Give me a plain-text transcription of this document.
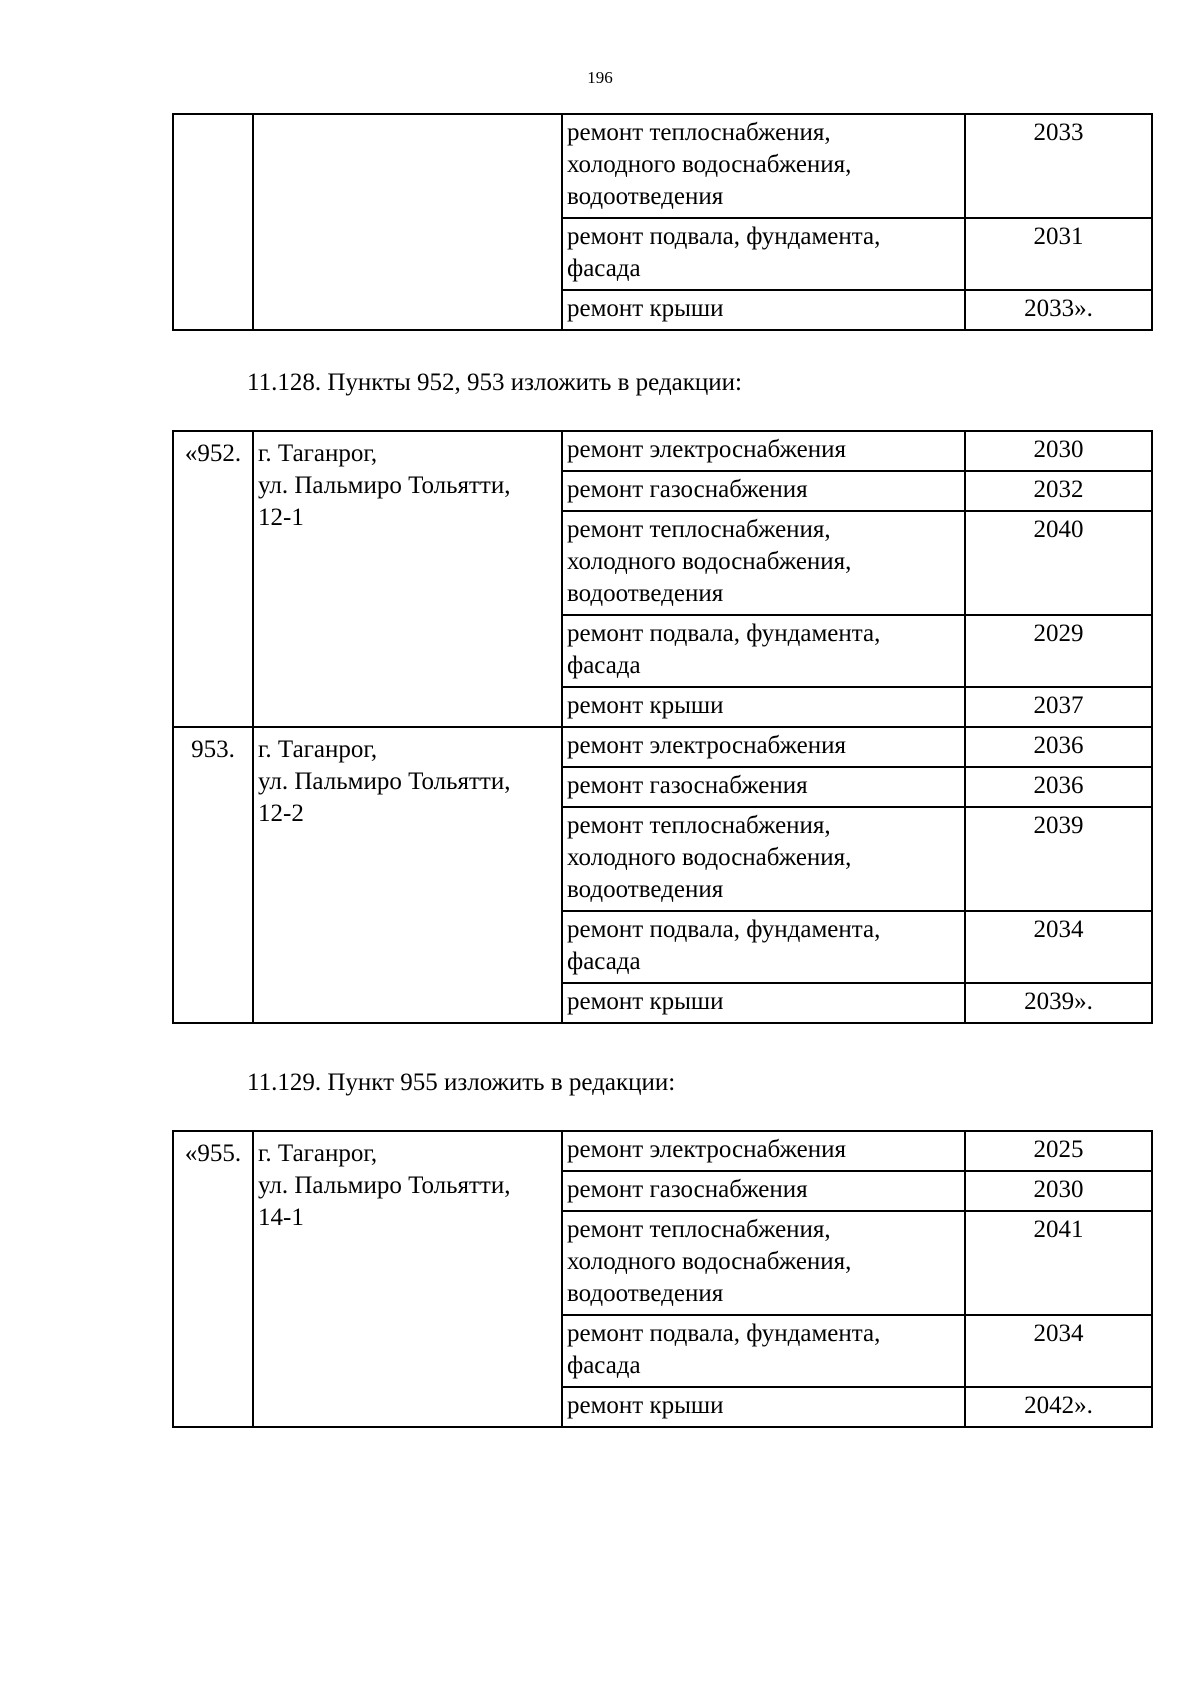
196
		ремонт теплоснабжения,
холодного водоснабжения,
водоотведения	2033
		ремонт подвала, фундамента,
фасада	2031
		ремонт крыши	2033».
11.128. Пункты 952, 953 изложить в редакции:
«952.	г. Таганрог,
ул. Пальмиро Тольятти,
12-1	ремонт электроснабжения	2030
		ремонт газоснабжения	2032
		ремонт теплоснабжения,
холодного водоснабжения,
водоотведения	2040
		ремонт подвала, фундамента,
фасада	2029
		ремонт крыши	2037
953.	г. Таганрог,
ул. Пальмиро Тольятти,
12-2	ремонт электроснабжения	2036
		ремонт газоснабжения	2036
		ремонт теплоснабжения,
холодного водоснабжения,
водоотведения	2039
		ремонт подвала, фундамента,
фасада	2034
		ремонт крыши	2039».
11.129. Пункт 955 изложить в редакции:
«955.	г. Таганрог,
ул. Пальмиро Тольятти,
14-1	ремонт электроснабжения	2025
		ремонт газоснабжения	2030
		ремонт теплоснабжения,
холодного водоснабжения,
водоотведения	2041
		ремонт подвала, фундамента,
фасада	2034
		ремонт крыши	2042».
